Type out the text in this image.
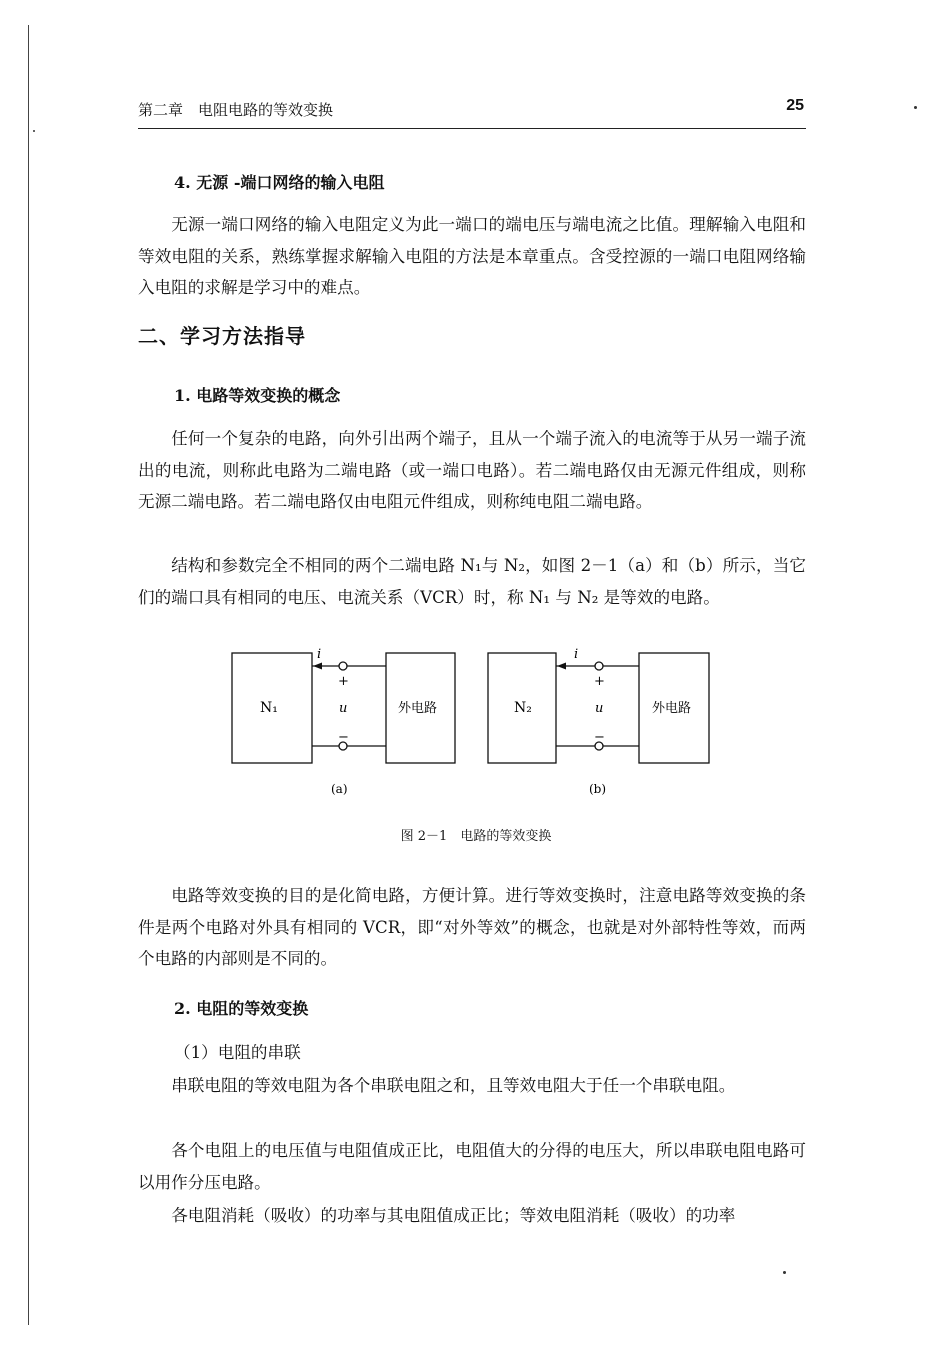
第二章　电阻电路的等效变换	25
4. 无源 -端口网络的输入电阻
无源一端口网络的输入电阻定义为此一端口的端电压与端电流之比值。理解输入电阻和等效电阻的关系，熟练掌握求解输入电阻的方法是本章重点。含受控源的一端口电阻网络输入电阻的求解是学习中的难点。
二、学习方法指导
1. 电路等效变换的概念
任何一个复杂的电路，向外引出两个端子，且从一个端子流入的电流等于从另一端子流出的电流，则称此电路为二端电路（或一端口电路）。若二端电路仅由无源元件组成，则称无源二端电路。若二端电路仅由电阻元件组成，则称纯电阻二端电路。
结构和参数完全不相同的两个二端电路 N₁与 N₂，如图 2－1（a）和（b）所示，当它们的端口具有相同的电压、电流关系（VCR）时，称 N₁ 与 N₂ 是等效的电路。
i
+
u
−
N₁	外电路
(a)
i
+
u
−
N₂	外电路
(b)
图 2－1　电路的等效变换
电路等效变换的目的是化简电路，方便计算。进行等效变换时，注意电路等效变换的条件是两个电路对外具有相同的 VCR，即“对外等效”的概念，也就是对外部特性等效，而两个电路的内部则是不同的。
2. 电阻的等效变换
（1）电阻的串联
串联电阻的等效电阻为各个串联电阻之和，且等效电阻大于任一个串联电阻。
各个电阻上的电压值与电阻值成正比，电阻值大的分得的电压大，所以串联电阻电路可以用作分压电路。
各电阻消耗（吸收）的功率与其电阻值成正比；等效电阻消耗（吸收）的功率
